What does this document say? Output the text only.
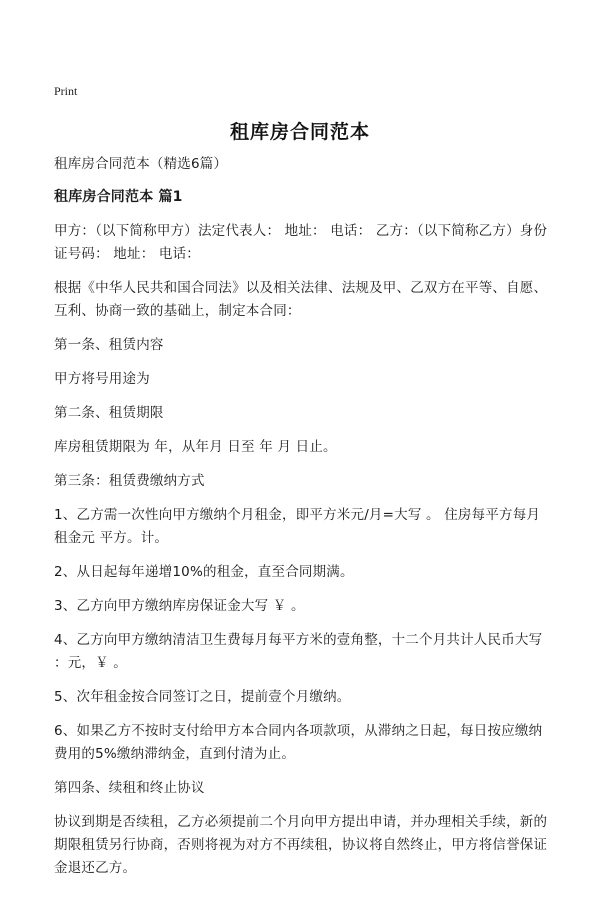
Print
租库房合同范本

租库房合同范本（精选6篇）

租库房合同范本 篇1

甲方：（以下简称甲方）法定代表人： 地址： 电话： 乙方：（以下简称乙方）身份证号码： 地址： 电话：

根据《中华人民共和国合同法》以及相关法律、法规及甲、乙双方在平等、自愿、互利、协商一致的基础上，制定本合同：

第一条、租赁内容

甲方将号用途为

第二条、租赁期限

库房租赁期限为 年，从年月 日至 年 月 日止。

第三条：租赁费缴纳方式

1、乙方需一次性向甲方缴纳个月租金，即平方米元/月=大写 。 住房每平方每月租金元 平方。计。

2、从日起每年递增10%的租金，直至合同期满。

3、乙方向甲方缴纳库房保证金大写 ￥ 。

4、乙方向甲方缴纳清洁卫生费每月每平方米的壹角整，十二个月共计人民币大写 ：元，￥ 。

5、次年租金按合同签订之日，提前壹个月缴纳。

6、如果乙方不按时支付给甲方本合同内各项款项，从滞纳之日起，每日按应缴纳费用的5%缴纳滞纳金，直到付清为止。

第四条、续租和终止协议

协议到期是否续租，乙方必须提前二个月向甲方提出申请，并办理相关手续，新的期限租赁另行协商，否则将视为对方不再续租，协议将自然终止，甲方将信誉保证金退还乙方。
